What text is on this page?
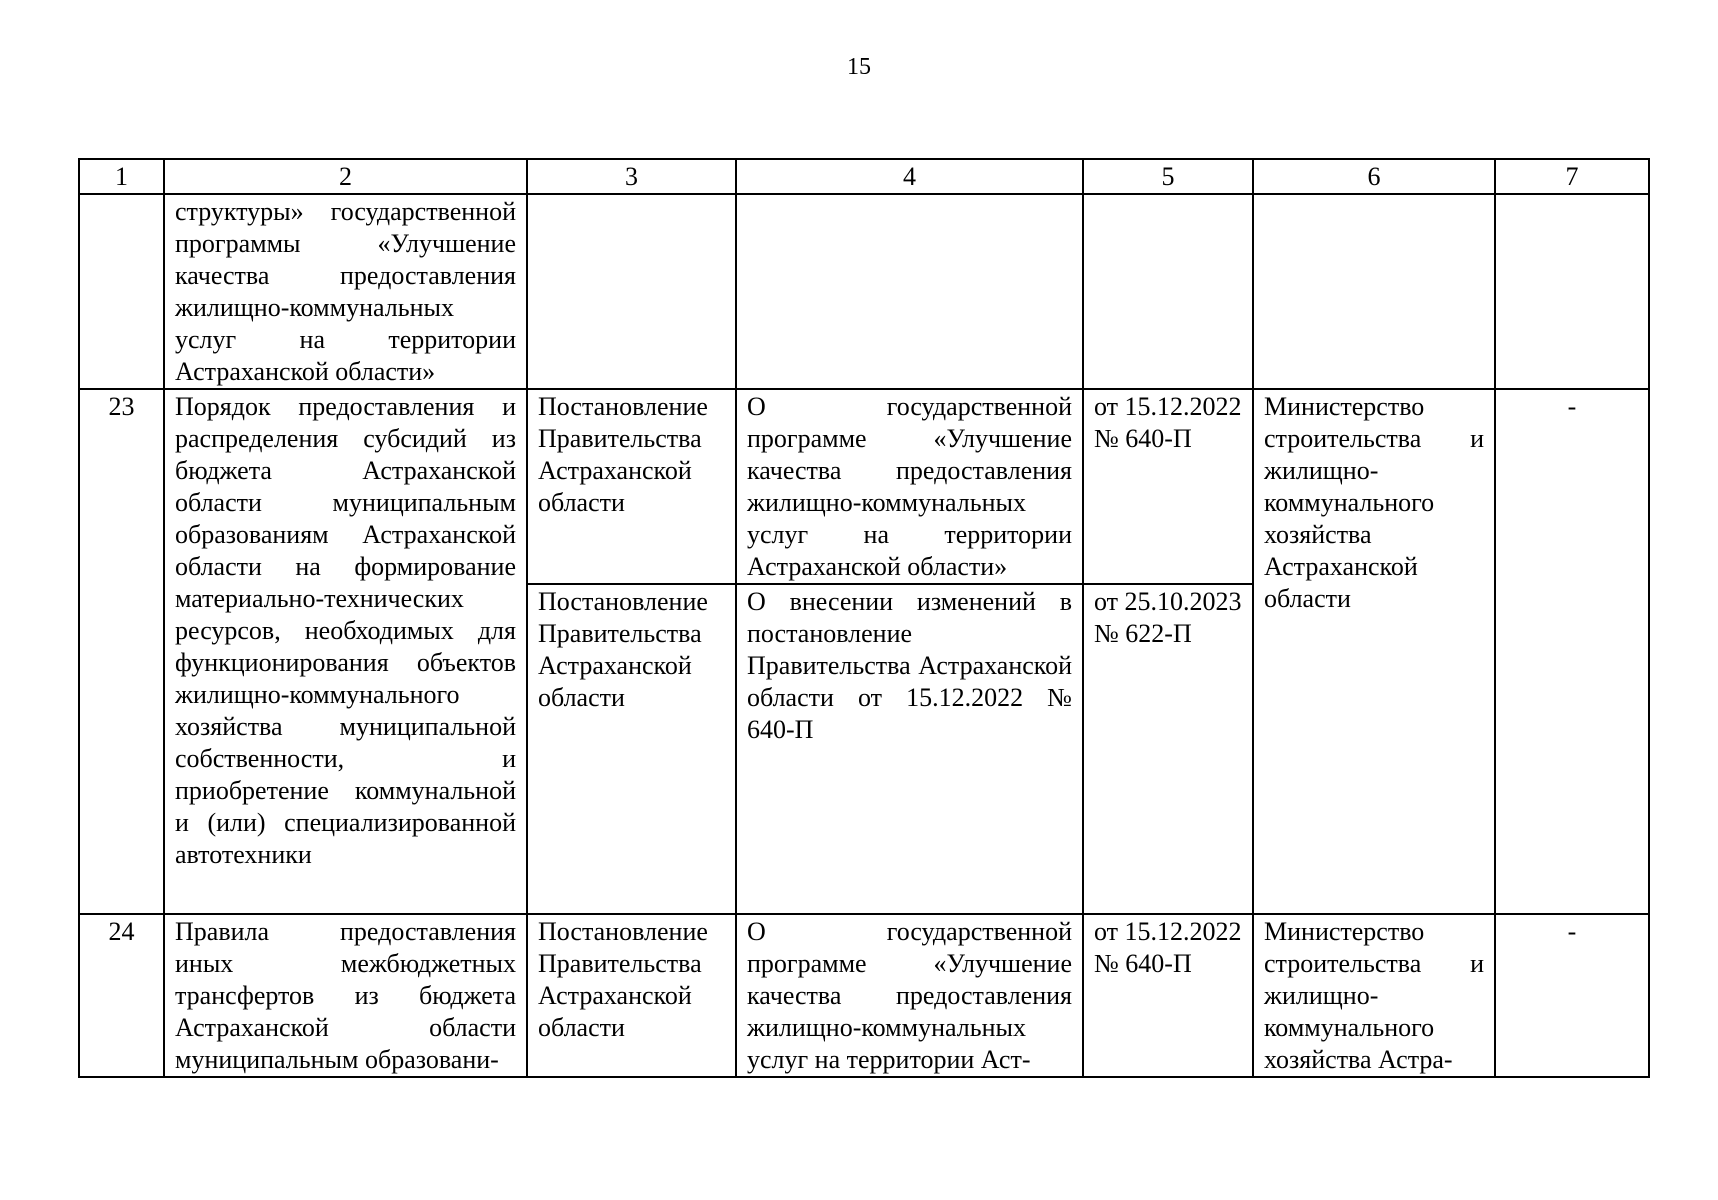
15
1	2	3	4	5	6	7
	структуры» государственной программы «Улучшение качества предоставления жилищно-коммунальных услуг на территории Астраханской области»					
23	Порядок предоставления и распределения субсидий из бюджета Астраханской области муниципальным образованиям Астраханской области на формирование материально-технических ресурсов, необходимых для функционирования объектов жилищно-коммунального хозяйства муниципальной собственности, и приобретение коммунальной и (или) специализированной автотехники	Постановление Правительства Астраханской области	О государственной программе «Улучшение качества предоставления жилищно-коммунальных услуг на территории Астраханской области»	от 15.12.2022 № 640-П	Министерство строительства и жилищно-коммунального хозяйства Астраханской области	-
		Постановление Правительства Астраханской области	О внесении изменений в постановление Правительства Астраханской области от 15.12.2022 № 640-П	от 25.10.2023 № 622-П		
24	Правила предоставления иных межбюджетных трансфертов из бюджета Астраханской области муниципальным образовани-	Постановление Правительства Астраханской области	О государственной программе «Улучшение качества предоставления жилищно-коммунальных услуг на территории Аст-	от 15.12.2022 № 640-П	Министерство строительства и жилищно-коммунального хозяйства Астра-	-
